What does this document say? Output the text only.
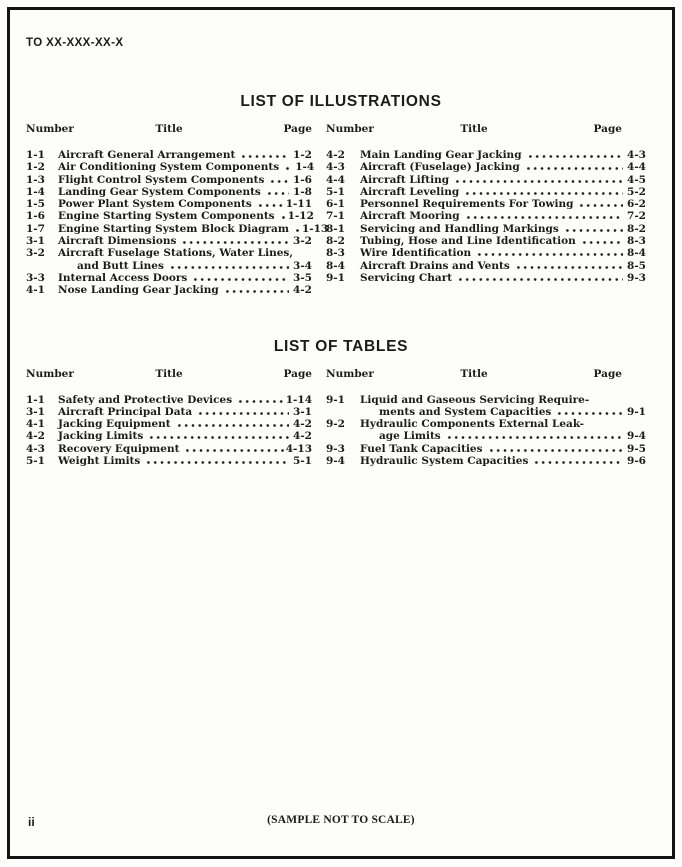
TO XX-XXX-XX-X
LIST OF ILLUSTRATIONS
Number	Title	Page
1-1	Aircraft General Arrangement	1-2
1-2	Air Conditioning System Components 1-4
1-3	Flight Control System Components	1-6
1-4	Landing Gear System Components	1-8
1-5	Power Plant System Components	1-11
1-6	Engine Starting System Components 1-12
1-7	Engine Starting System Block Diagram 1-13
3-1	Aircraft Dimensions	3-2
3-2	Aircraft Fuselage Stations, Water Lines,
and Butt Lines	3-4
3-3	Internal Access Doors	3-5
4-1	Nose Landing Gear Jacking	4-2
Number	Title	Page
4-2	Main Landing Gear Jacking	4-3
4-3	Aircraft (Fuselage) Jacking	4-4
4-4	Aircraft Lifting	4-5
5-1	Aircraft Leveling	5-2
6-1	Personnel Requirements For Towing	6-2
7-1	Aircraft Mooring	7-2
8-1	Servicing and Handling Markings	8-2
8-2	Tubing, Hose and Line Identification	8-3
8-3	Wire Identification	8-4
8-4	Aircraft Drains and Vents	8-5
9-1	Servicing Chart	9-3
LIST OF TABLES
Number	Title	Page
1-1	Safety and Protective Devices	1-14
3-1	Aircraft Principal Data	3-1
4-1	Jacking Equipment	4-2
4-2	Jacking Limits	4-2
4-3	Recovery Equipment	4-13
5-1	Weight Limits	5-1
Number	Title	Page
9-1	Liquid and Gaseous Servicing Require-
ments and System Capacities	9-1
9-2	Hydraulic Components External Leak-
age Limits	9-4
9-3	Fuel Tank Capacities	9-5
9-4	Hydraulic System Capacities	9-6
ii	(SAMPLE NOT TO SCALE)
